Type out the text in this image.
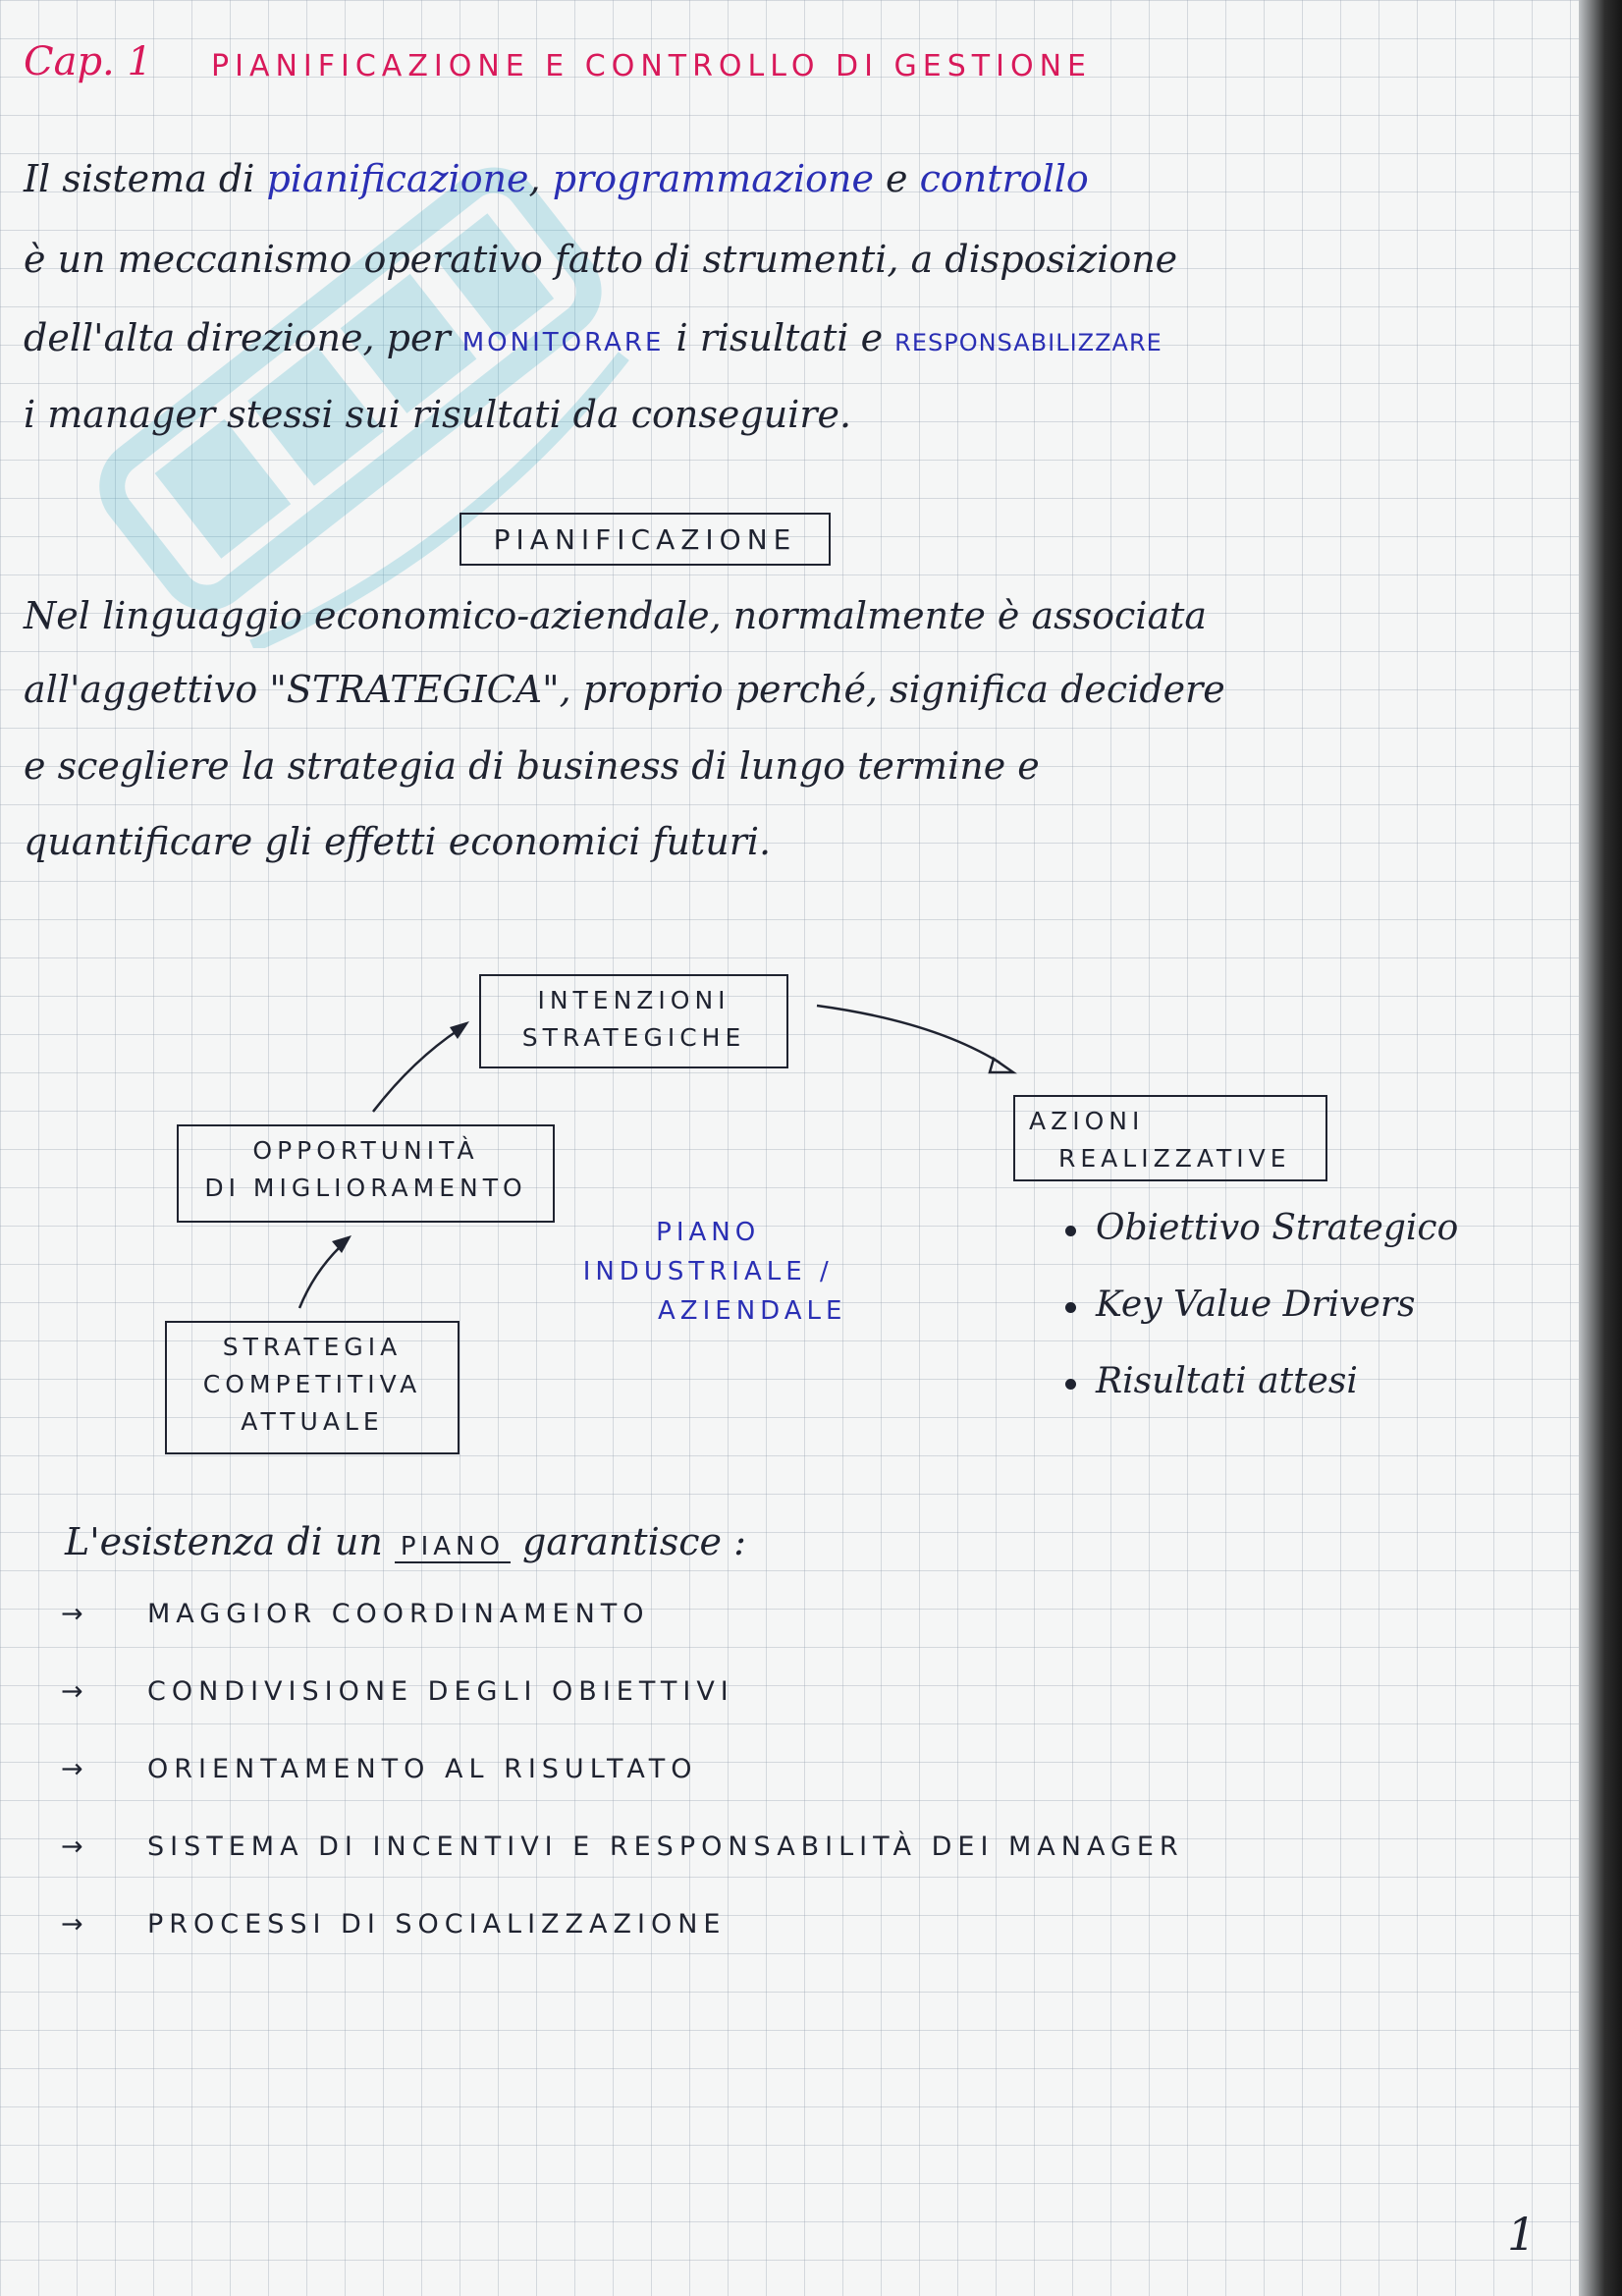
Cap. 1 PIANIFICAZIONE E CONTROLLO DI GESTIONE
Il sistema di pianificazione, programmazione e controllo
è un meccanismo operativo fatto di strumenti, a disposizione
dell'alta direzione, per MONITORARE i risultati e RESPONSABILIZZARE
i manager stessi sui risultati da conseguire.
PIANIFICAZIONE
Nel linguaggio economico-aziendale, normalmente è associata
all'aggettivo "STRATEGICA", proprio perché, significa decidere
e scegliere la strategia di business di lungo termine e
quantificare gli effetti economici futuri.
INTENZIONI
STRATEGICHE
OPPORTUNITÀ
DI MIGLIORAMENTO
STRATEGIA
COMPETITIVA
ATTUALE
AZIONI
REALIZZATIVE
PIANO
INDUSTRIALE /
AZIENDALE
Obiettivo Strategico
Key Value Drivers
Risultati attesi
L'esistenza di un PIANO garantisce :
→ MAGGIOR COORDINAMENTO
→ CONDIVISIONE DEGLI OBIETTIVI
→ ORIENTAMENTO AL RISULTATO
→ SISTEMA DI INCENTIVI E RESPONSABILITÀ DEI MANAGER
→ PROCESSI DI SOCIALIZZAZIONE
1
